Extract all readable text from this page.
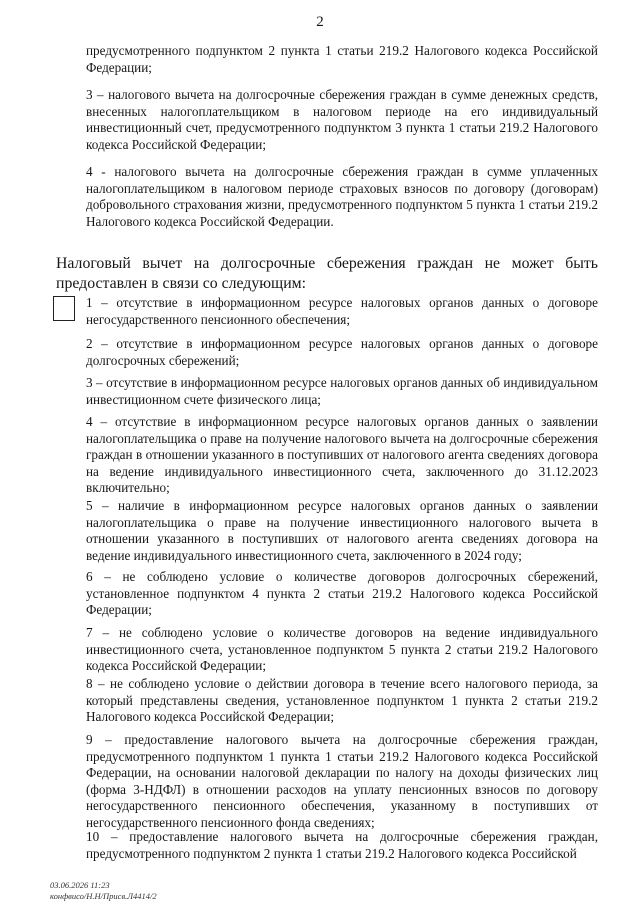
2
предусмотренного подпунктом 2 пункта 1 статьи 219.2 Налогового кодекса Российской Федерации;
3 – налогового вычета на долгосрочные сбережения граждан в сумме денежных средств, внесенных налогоплательщиком в налоговом периоде на его индивидуальный инвестиционный счет, предусмотренного подпунктом 3 пункта 1 статьи 219.2 Налогового кодекса Российской Федерации;
4 - налогового вычета на долгосрочные сбережения граждан в сумме уплаченных налогоплательщиком в налоговом периоде страховых взносов по договору (договорам) добровольного страхования жизни, предусмотренного подпунктом 5 пункта 1 статьи 219.2 Налогового кодекса Российской Федерации.
Налоговый вычет на долгосрочные сбережения граждан не может быть предоставлен в связи со следующим:
1 – отсутствие в информационном ресурсе налоговых органов данных о договоре негосударственного пенсионного обеспечения;
2 – отсутствие в информационном ресурсе налоговых органов данных о договоре долгосрочных сбережений;
3 – отсутствие в информационном ресурсе налоговых органов данных об индивидуальном инвестиционном счете физического лица;
4 – отсутствие в информационном ресурсе налоговых органов данных о заявлении налогоплательщика о праве на получение налогового вычета на долгосрочные сбережения граждан в отношении указанного в поступивших от налогового агента сведениях договора на ведение индивидуального инвестиционного счета, заключенного до 31.12.2023 включительно;
5 – наличие в информационном ресурсе налоговых органов данных о заявлении налогоплательщика о праве на получение инвестиционного налогового вычета в отношении указанного в поступивших от налогового агента сведениях договора на ведение индивидуального инвестиционного счета, заключенного в 2024 году;
6 – не соблюдено условие о количестве договоров долгосрочных сбережений, установленное подпунктом 4 пункта 2 статьи 219.2 Налогового кодекса Российской Федерации;
7 – не соблюдено условие о количестве договоров на ведение индивидуального инвестиционного счета, установленное подпунктом 5 пункта 2 статьи 219.2 Налогового кодекса Российской Федерации;
8 – не соблюдено условие о действии договора в течение всего налогового периода, за который представлены сведения, установленное подпунктом 1 пункта 2 статьи 219.2 Налогового кодекса Российской Федерации;
9 – предоставление налогового вычета на долгосрочные сбережения граждан, предусмотренного подпунктом 1 пункта 1 статьи 219.2 Налогового кодекса Российской Федерации, на основании налоговой декларации по налогу на доходы физических лиц (форма 3-НДФЛ) в отношении расходов на уплату пенсионных взносов по договору негосударственного пенсионного обеспечения, указанному в поступивших от негосударственного пенсионного фонда сведениях;
10 – предоставление налогового вычета на долгосрочные сбережения граждан, предусмотренного подпунктом 2 пункта 1 статьи 219.2 Налогового кодекса Российской
03.06.2026 11:23
конфвисо/Н.Н/Присв.Л4414/2
